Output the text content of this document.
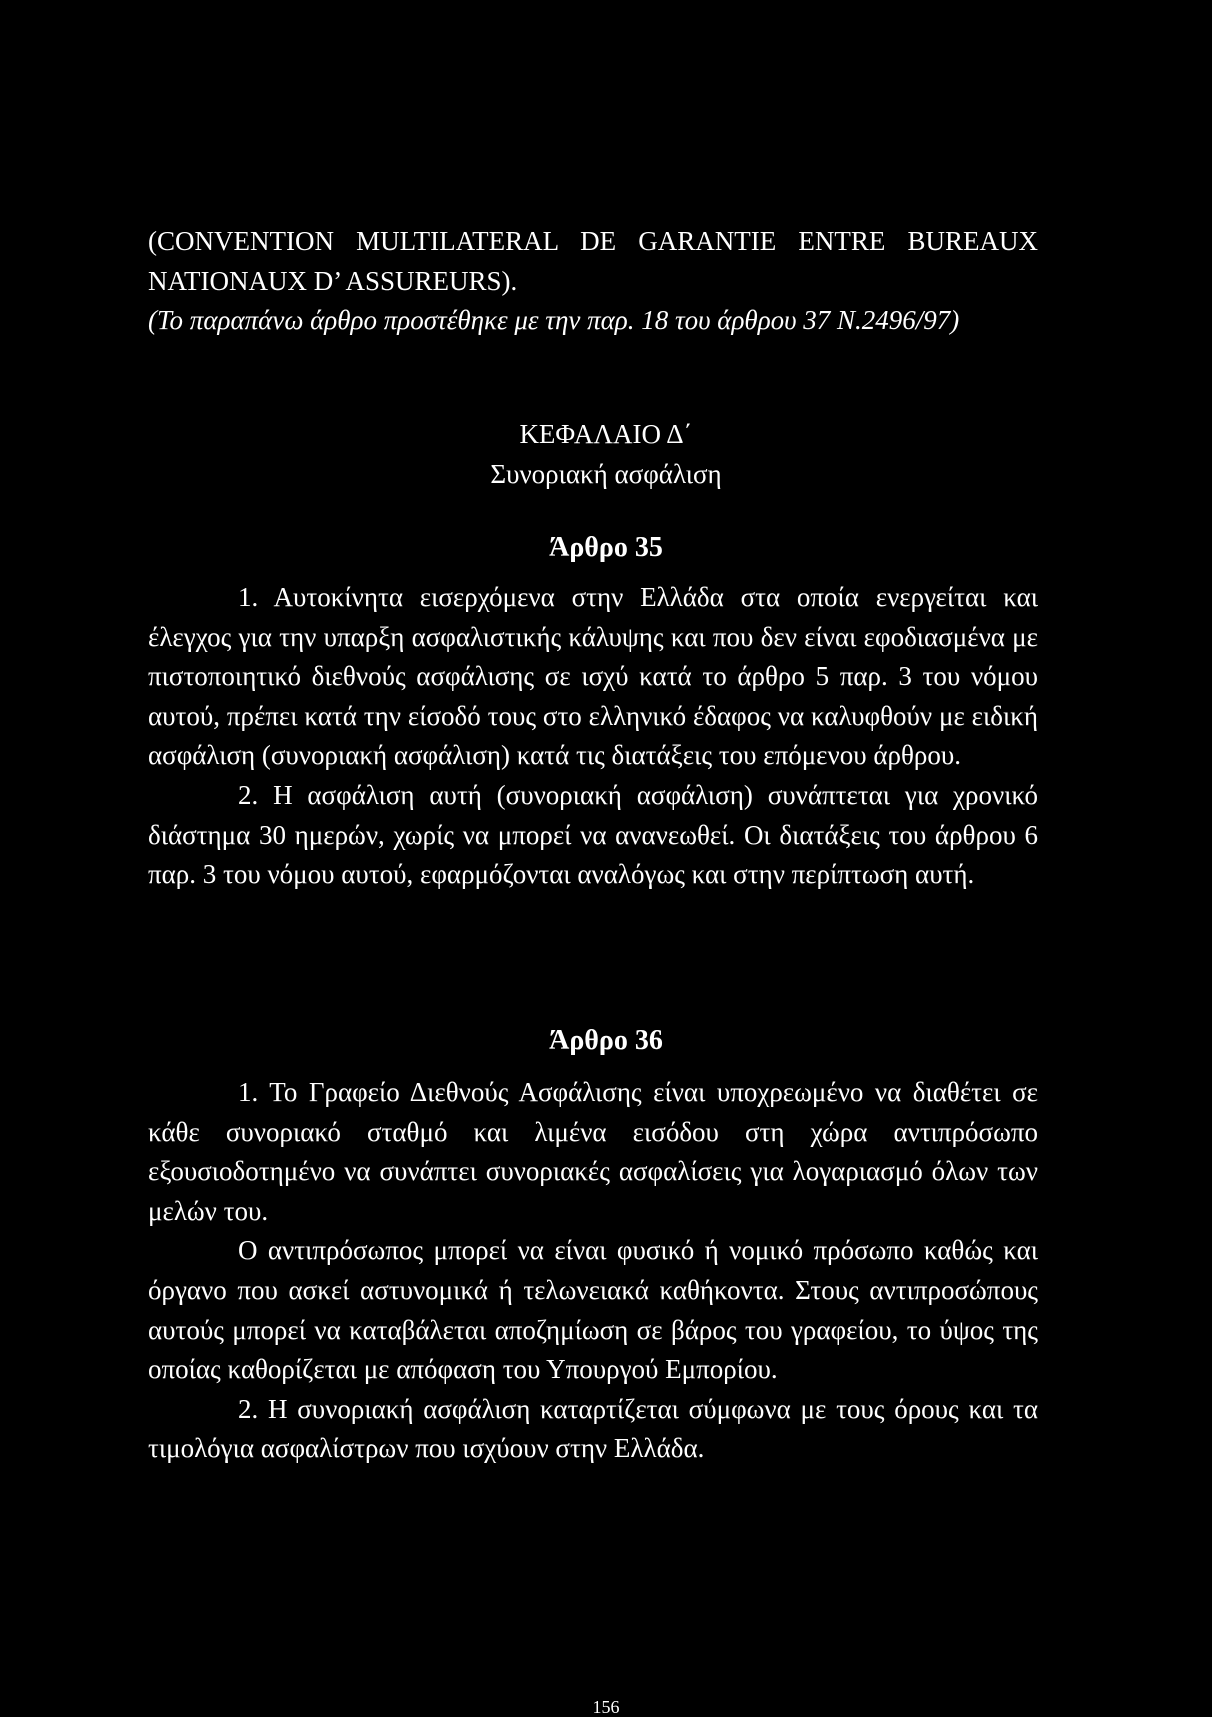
(CONVENTION MULTILATERAL DE GARANTIE ENTRE BUREAUX NATIONAUX D’ ASSUREURS).

(Το παραπάνω άρθρο προστέθηκε με την παρ. 18 του άρθρου 37 Ν.2496/97)

ΚΕΦΑΛΑΙΟ Δ΄
Συνοριακή ασφάλιση
Άρθρο 35

1. Αυτοκίνητα εισερχόμενα στην Ελλάδα στα οποία ενεργείται και έλεγχος για την υπαρξη ασφαλιστικής κάλυψης και που δεν είναι εφοδιασμένα με πιστοποιητικό διεθνούς ασφάλισης σε ισχύ κατά το άρθρο 5 παρ. 3 του νόμου αυτού, πρέπει κατά την είσοδό τους στο ελληνικό έδαφος να καλυφθούν με ειδική ασφάλιση (συνοριακή ασφάλιση) κατά τις διατάξεις του επόμενου άρθρου.

2. Η ασφάλιση αυτή (συνοριακή ασφάλιση) συνάπτεται για χρονικό διάστημα 30 ημερών, χωρίς να μπορεί να ανανεωθεί. Οι διατάξεις του άρθρου 6 παρ. 3 του νόμου αυτού, εφαρμόζονται αναλόγως και στην περίπτωση αυτή.

Άρθρο 36

1. Το Γραφείο Διεθνούς Ασφάλισης είναι υποχρεωμένο να διαθέτει σε κάθε συνοριακό σταθμό και λιμένα εισόδου στη χώρα αντιπρόσωπο εξουσιοδοτημένο να συνάπτει συνοριακές ασφαλίσεις για λογαριασμό όλων των μελών του.

Ο αντιπρόσωπος μπορεί να είναι φυσικό ή νομικό πρόσωπο καθώς και όργανο που ασκεί αστυνομικά ή τελωνειακά καθήκοντα. Στους αντιπροσώπους αυτούς μπορεί να καταβάλεται αποζημίωση σε βάρος του γραφείου, το ύψος της οποίας καθορίζεται με απόφαση του Υπουργού Εμπορίου.

2. Η συνοριακή ασφάλιση καταρτίζεται σύμφωνα με τους όρους και τα τιμολόγια ασφαλίστρων που ισχύουν στην Ελλάδα.

156
